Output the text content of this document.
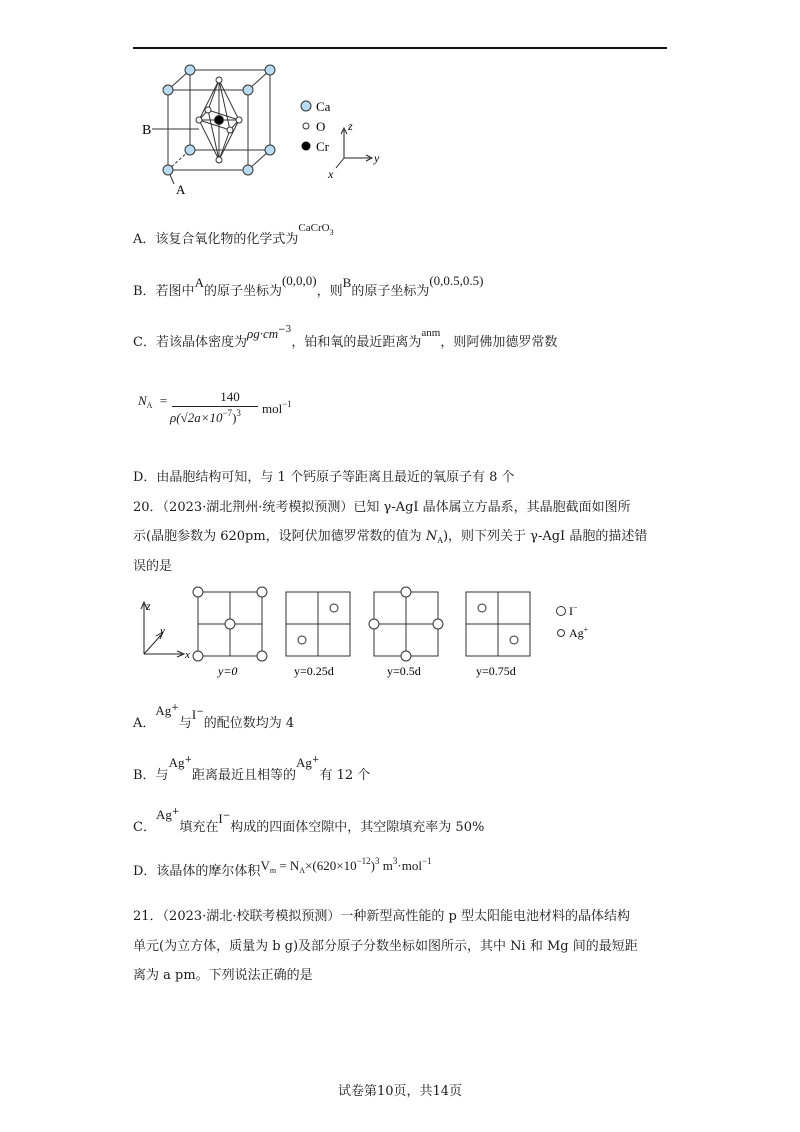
B
A
Ca
O
Cr
z
y
x
A．该复合氧化物的化学式为$^{CaCrO3}$
B．若图中A的原子坐标为(0,0,0)，则B的原子坐标为(0,0.5,0.5)
C．若该晶体密度为$\rho g\cdot cm^{-3}$，铂和氧的最近距离为$^{anm}$，则阿佛加德罗常数
$N_A$ =	140
$\rho(√2a\times 10^{-7})^3$ mol$^{-1}$
D．由晶胞结构可知，与 1 个钙原子等距离且最近的氧原子有 8 个
20．（2023·湖北荆州·统考模拟预测）已知 γ-AgI 晶体属立方晶系，其晶胞截面如图所
示(晶胞参数为 620pm，设阿伏加德罗常数的值为 $N_A$)，则下列关于 γ-AgI 晶胞的描述错
误的是
z
y
x
y=0	y=0.25d	y=0.5d	y=0.75d
I−
Ag+
A．Ag+与I−的配位数均为 4
B．与Ag+距离最近且相等的Ag+有 12 个
C．Ag+填充在I−构成的四面体空隙中，其空隙填充率为 50%
D．该晶体的摩尔体积$V_m = N_A\times(620\times 10^{-12})^3$ $m^3\cdot mol^{-1}$
21．（2023·湖北·校联考模拟预测）一种新型高性能的 p 型太阳能电池材料的晶体结构
单元(为立方体，质量为 b g)及部分原子分数坐标如图所示，其中 Ni 和 Mg 间的最短距
离为 a pm。下列说法正确的是
试卷第10页，共14页
